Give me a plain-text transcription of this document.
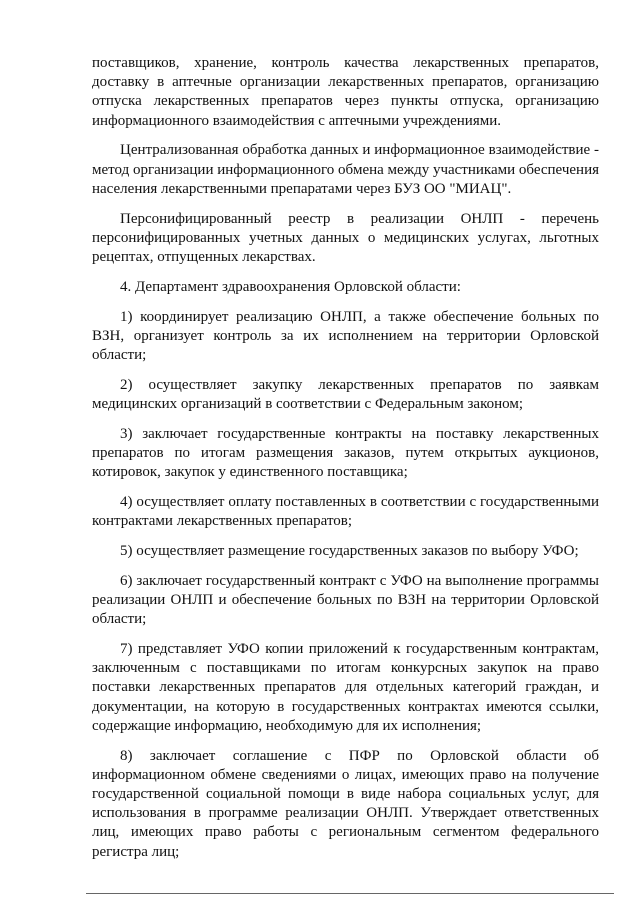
поставщиков, хранение, контроль качества лекарственных препаратов, доставку в аптечные организации лекарственных препаратов, организацию отпуска лекарственных препаратов через пункты отпуска, организацию информационного взаимодействия с аптечными учреждениями.

Централизованная обработка данных и информационное взаимодействие - метод организации информационного обмена между участниками обеспечения населения лекарственными препаратами через БУЗ ОО "МИАЦ".

Персонифицированный реестр в реализации ОНЛП - перечень персонифицированных учетных данных о медицинских услугах, льготных рецептах, отпущенных лекарствах.

4. Департамент здравоохранения Орловской области:

1) координирует реализацию ОНЛП, а также обеспечение больных по ВЗН, организует контроль за их исполнением на территории Орловской области;

2) осуществляет закупку лекарственных препаратов по заявкам медицинских организаций в соответствии с Федеральным законом;

3) заключает государственные контракты на поставку лекарственных препаратов по итогам размещения заказов, путем открытых аукционов, котировок, закупок у единственного поставщика;

4) осуществляет оплату поставленных в соответствии с государственными контрактами лекарственных препаратов;

5) осуществляет размещение государственных заказов по выбору УФО;

6) заключает государственный контракт с УФО на выполнение программы реализации ОНЛП и обеспечение больных по ВЗН на территории Орловской области;

7) представляет УФО копии приложений к государственным контрактам, заключенным с поставщиками по итогам конкурсных закупок на право поставки лекарственных препаратов для отдельных категорий граждан, и документации, на которую в государственных контрактах имеются ссылки, содержащие информацию, необходимую для их исполнения;

8) заключает соглашение с ПФР по Орловской области об информационном обмене сведениями о лицах, имеющих право на получение государственной социальной помощи в виде набора социальных услуг, для использования в программе реализации ОНЛП. Утверждает ответственных лиц, имеющих право работы с региональным сегментом федерального регистра лиц;
